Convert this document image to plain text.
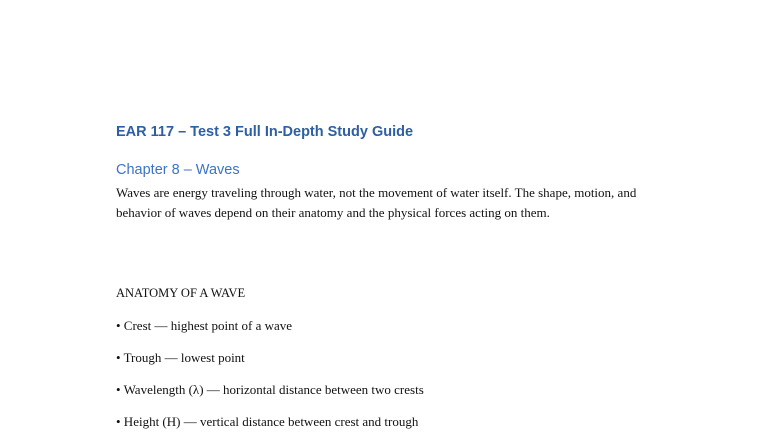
EAR 117 – Test 3 Full In-Depth Study Guide
Chapter 8 – Waves
Waves are energy traveling through water, not the movement of water itself. The shape, motion, and behavior of waves depend on their anatomy and the physical forces acting on them.
ANATOMY OF A WAVE
• Crest — highest point of a wave
• Trough — lowest point
• Wavelength (λ) — horizontal distance between two crests
• Height (H) — vertical distance between crest and trough
